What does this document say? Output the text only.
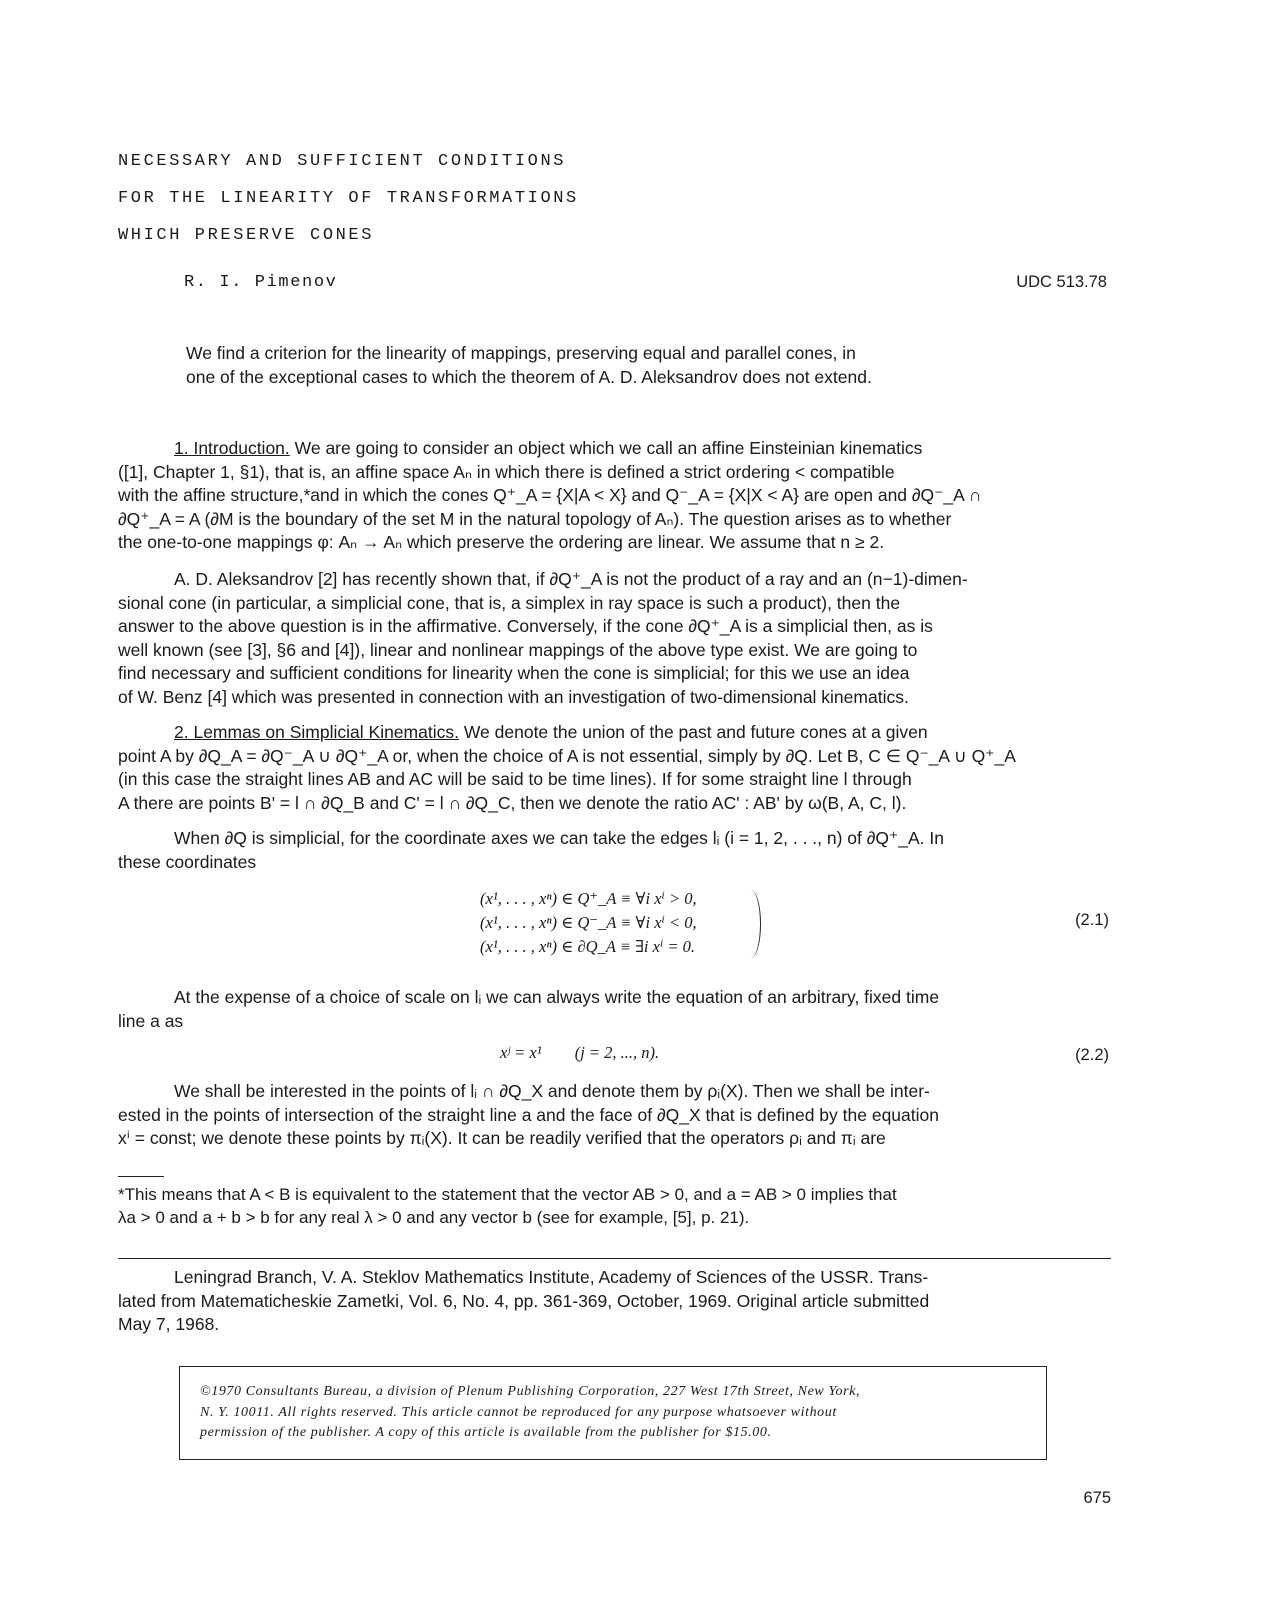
NECESSARY AND SUFFICIENT CONDITIONS
FOR THE LINEARITY OF TRANSFORMATIONS
WHICH PRESERVE CONES
R. I. Pimenov	UDC 513.78
We find a criterion for the linearity of mappings, preserving equal and parallel cones, in
one of the exceptional cases to which the theorem of A. D. Aleksandrov does not extend.
1. Introduction. We are going to consider an object which we call an affine Einsteinian kinematics
([1], Chapter 1, §1), that is, an affine space Aₙ in which there is defined a strict ordering < compatible
with the affine structure,*and in which the cones Q⁺_A = {X|A < X} and Q⁻_A = {X|X < A} are open and ∂Q⁻_A ∩
∂Q⁺_A = A (∂M is the boundary of the set M in the natural topology of Aₙ). The question arises as to whether
the one-to-one mappings φ: Aₙ → Aₙ which preserve the ordering are linear. We assume that n ≥ 2.
A. D. Aleksandrov [2] has recently shown that, if ∂Q⁺_A is not the product of a ray and an (n−1)-dimen-
sional cone (in particular, a simplicial cone, that is, a simplex in ray space is such a product), then the
answer to the above question is in the affirmative. Conversely, if the cone ∂Q⁺_A is a simplicial then, as is
well known (see [3], §6 and [4]), linear and nonlinear mappings of the above type exist. We are going to
find necessary and sufficient conditions for linearity when the cone is simplicial; for this we use an idea
of W. Benz [4] which was presented in connection with an investigation of two-dimensional kinematics.
2. Lemmas on Simplicial Kinematics. We denote the union of the past and future cones at a given
point A by ∂Q_A = ∂Q⁻_A ∪ ∂Q⁺_A or, when the choice of A is not essential, simply by ∂Q. Let B, C ∈ Q⁻_A ∪ Q⁺_A
(in this case the straight lines AB and AC will be said to be time lines). If for some straight line l through
A there are points B' = l ∩ ∂Q_B and C' = l ∩ ∂Q_C, then we denote the ratio AC' : AB' by ω(B, A, C, l).
When ∂Q is simplicial, for the coordinate axes we can take the edges lᵢ (i = 1, 2, . . ., n) of ∂Q⁺_A. In
these coordinates
(x¹, . . . , xⁿ) ∈ Q⁺_A ≡ ∀i xⁱ > 0,
(x¹, . . . , xⁿ) ∈ Q⁻_A ≡ ∀i xⁱ < 0,
(x¹, . . . , xⁿ) ∈ ∂Q_A ≡ ∃i xⁱ = 0.
(2.1)
At the expense of a choice of scale on lᵢ we can always write the equation of an arbitrary, fixed time
line a as
xʲ = x¹        (j = 2, ..., n).	(2.2)
We shall be interested in the points of lᵢ ∩ ∂Q_X and denote them by ρᵢ(X). Then we shall be inter-
ested in the points of intersection of the straight line a and the face of ∂Q_X that is defined by the equation
xⁱ = const; we denote these points by πᵢ(X). It can be readily verified that the operators ρᵢ and πᵢ are
*This means that A < B is equivalent to the statement that the vector AB > 0, and a = AB > 0 implies that
λa > 0 and a + b > b for any real λ > 0 and any vector b (see for example, [5], p. 21).
Leningrad Branch, V. A. Steklov Mathematics Institute, Academy of Sciences of the USSR. Trans-
lated from Matematicheskie Zametki, Vol. 6, No. 4, pp. 361-369, October, 1969. Original article submitted
May 7, 1968.
©1970 Consultants Bureau, a division of Plenum Publishing Corporation, 227 West 17th Street, New York,
N. Y. 10011. All rights reserved. This article cannot be reproduced for any purpose whatsoever without
permission of the publisher. A copy of this article is available from the publisher for $15.00.
675
